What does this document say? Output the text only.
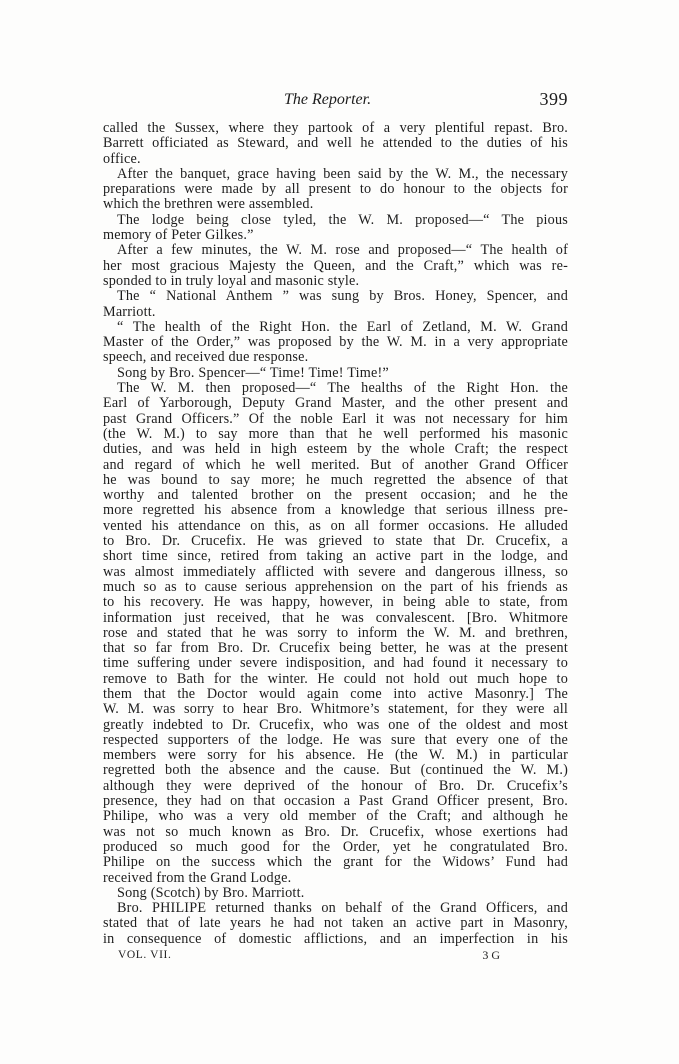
The Reporter.	399
called the Sussex, where they partook of a very plentiful repast. Bro.
Barrett officiated as Steward, and well he attended to the duties of his
office.
After the banquet, grace having been said by the W. M., the necessary
preparations were made by all present to do honour to the objects for
which the brethren were assembled.
The lodge being close tyled, the W. M. proposed—“ The pious
memory of Peter Gilkes.”
After a few minutes, the W. M. rose and proposed—“ The health of
her most gracious Majesty the Queen, and the Craft,” which was re-
sponded to in truly loyal and masonic style.
The “ National Anthem ” was sung by Bros. Honey, Spencer, and
Marriott.
“ The health of the Right Hon. the Earl of Zetland, M. W. Grand
Master of the Order,” was proposed by the W. M. in a very appropriate
speech, and received due response.
Song by Bro. Spencer—“ Time! Time! Time!”
The W. M. then proposed—“ The healths of the Right Hon. the
Earl of Yarborough, Deputy Grand Master, and the other present and
past Grand Officers.” Of the noble Earl it was not necessary for him
(the W. M.) to say more than that he well performed his masonic
duties, and was held in high esteem by the whole Craft; the respect
and regard of which he well merited. But of another Grand Officer
he was bound to say more; he much regretted the absence of that
worthy and talented brother on the present occasion; and he the
more regretted his absence from a knowledge that serious illness pre-
vented his attendance on this, as on all former occasions. He alluded
to Bro. Dr. Crucefix. He was grieved to state that Dr. Crucefix, a
short time since, retired from taking an active part in the lodge, and
was almost immediately afflicted with severe and dangerous illness, so
much so as to cause serious apprehension on the part of his friends as
to his recovery. He was happy, however, in being able to state, from
information just received, that he was convalescent. [Bro. Whitmore
rose and stated that he was sorry to inform the W. M. and brethren,
that so far from Bro. Dr. Crucefix being better, he was at the present
time suffering under severe indisposition, and had found it necessary to
remove to Bath for the winter. He could not hold out much hope to
them that the Doctor would again come into active Masonry.] The
W. M. was sorry to hear Bro. Whitmore’s statement, for they were all
greatly indebted to Dr. Crucefix, who was one of the oldest and most
respected supporters of the lodge. He was sure that every one of the
members were sorry for his absence. He (the W. M.) in particular
regretted both the absence and the cause. But (continued the W. M.)
although they were deprived of the honour of Bro. Dr. Crucefix’s
presence, they had on that occasion a Past Grand Officer present, Bro.
Philipe, who was a very old member of the Craft; and although he
was not so much known as Bro. Dr. Crucefix, whose exertions had
produced so much good for the Order, yet he congratulated Bro.
Philipe on the success which the grant for the Widows’ Fund had
received from the Grand Lodge.
Song (Scotch) by Bro. Marriott.
Bro. PHILIPE returned thanks on behalf of the Grand Officers, and
stated that of late years he had not taken an active part in Masonry,
in consequence of domestic afflictions, and an imperfection in his
VOL. VII.	3 G
